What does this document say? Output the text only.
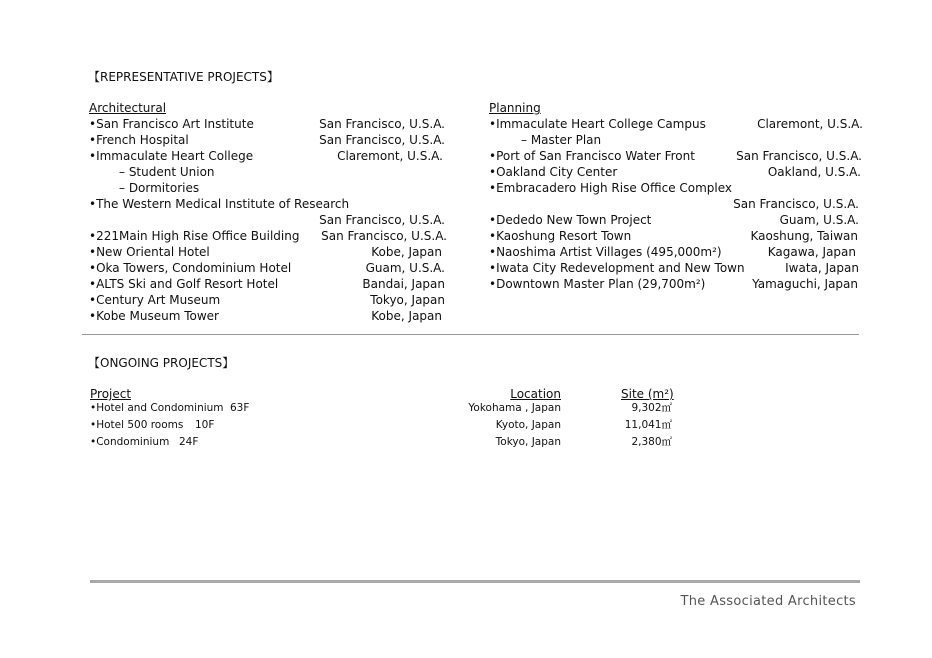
【REPRESENTATIVE PROJECTS】
Architectural
•San Francisco Art Institute
•French Hospital
•Immaculate Heart College
– Student Union
– Dormitories
•The Western Medical Institute of Research
•221Main High Rise Office Building
•New Oriental Hotel
•Oka Towers, Condominium Hotel
•ALTS Ski and Golf Resort Hotel
•Century Art Museum
•Kobe Museum Tower
San Francisco, U.S.A.
San Francisco, U.S.A.
Claremont, U.S.A.
San Francisco, U.S.A.
San Francisco, U.S.A.
Kobe, Japan
Guam, U.S.A.
Bandai, Japan
Tokyo, Japan
Kobe, Japan
Planning
•Immaculate Heart College Campus
– Master Plan
•Port of San Francisco Water Front
•Oakland City Center
•Embracadero High Rise Office Complex
•Dededo New Town Project
•Kaoshung Resort Town
•Naoshima Artist Villages (495,000m²)
•Iwata City Redevelopment and New Town
•Downtown Master Plan (29,700m²)
Claremont, U.S.A.
San Francisco, U.S.A.
Oakland, U.S.A.
San Francisco, U.S.A.
Guam, U.S.A.
Kaoshung, Taiwan
Kagawa, Japan
Iwata, Japan
Yamaguchi, Japan
【ONGOING PROJECTS】
Project	Location	Site (m²)
•Hotel and Condominium 63F
•Hotel 500 rooms 10F
•Condominium 24F
Yokohama , Japan
Kyoto, Japan
Tokyo, Japan
9,302㎡
11,041㎡
2,380㎡
The Associated Architects
